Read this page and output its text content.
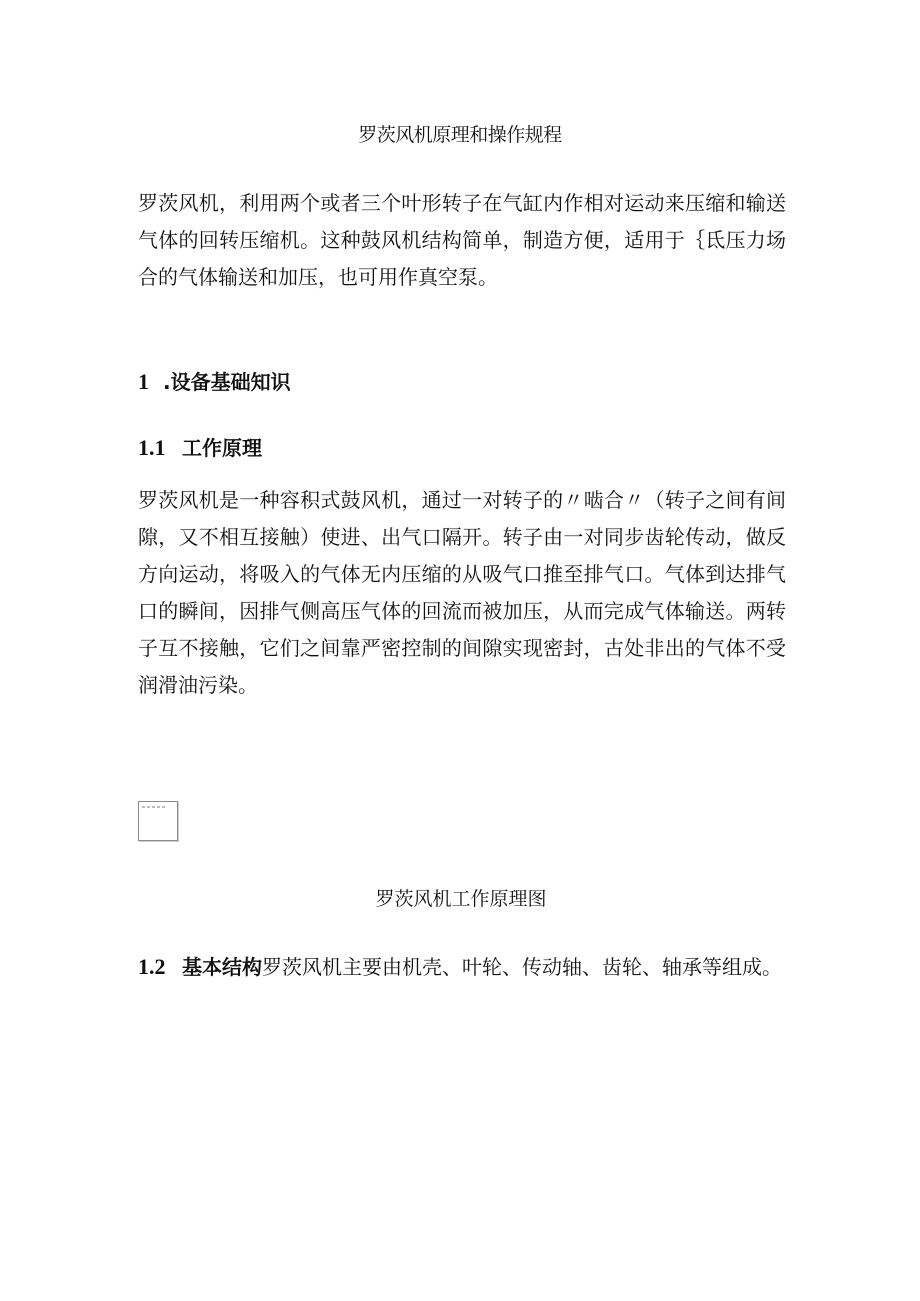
罗茨风机原理和操作规程

罗茨风机，利用两个或者三个叶形转子在气缸内作相对运动来压缩和输送气体的回转压缩机。这种鼓风机结构简单，制造方便，适用于｛氐压力场合的气体输送和加压，也可用作真空泵。

1 .设备基础知识
1.1 工作原理

罗茨风机是一种容积式鼓风机，通过一对转子的〃啮合〃（转子之间有间隙，又不相互接触）使进、出气口隔开。转子由一对同步齿轮传动，做反方向运动，将吸入的气体无内压缩的从吸气口推至排气口。气体到达排气口的瞬间，因排气侧高压气体的回流而被加压，从而完成气体输送。两转子互不接触，它们之间靠严密控制的间隙实现密封，古处非出的气体不受润滑油污染。

罗茨风机工作原理图
1.2 基本结构罗茨风机主要由机壳、叶轮、传动轴、齿轮、轴承等组成。
